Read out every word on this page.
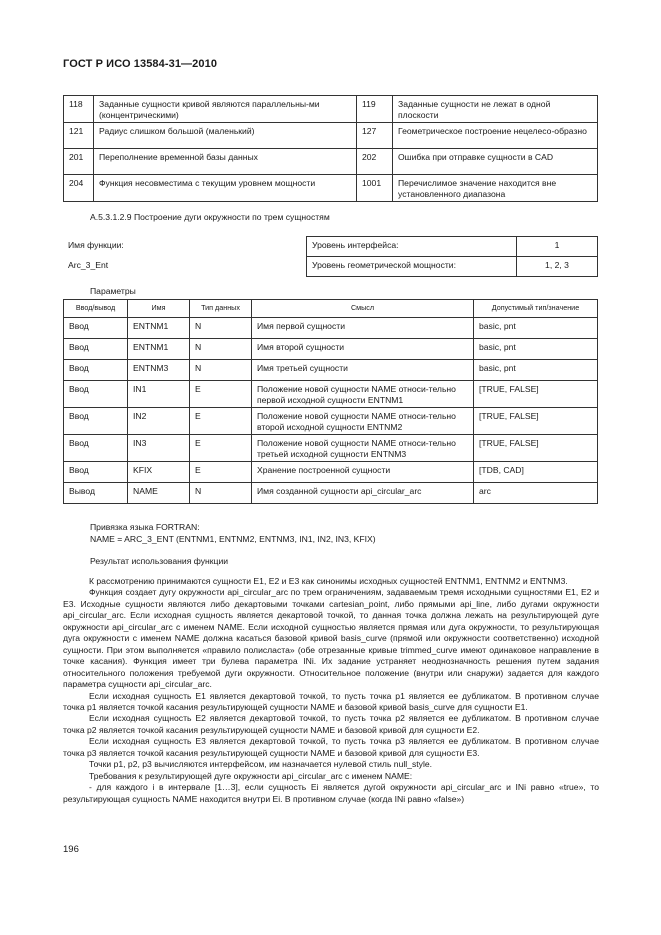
ГОСТ Р ИСО 13584-31—2010
118	Заданные сущности кривой являются параллельны-ми (концентрическими)	119	Заданные сущности не лежат в одной плоскости
121	Радиус слишком большой (маленький)	127	Геометрическое построение нецелесо-образно
201	Переполнение временной базы данных	202	Ошибка при отправке сущности в CAD
204	Функция несовместима с текущим уровнем мощности	1001	Перечислимое значение находится вне установленного диапазона
А.5.3.1.2.9 Построение дуги окружности по трем сущностям
Имя функции:
Arc_3_Ent
Уровень интерфейса:	1
Уровень геометрической мощности:	1, 2, 3
Параметры
Ввод/вывод	Имя	Тип данных	Смысл	Допустимый тип/значение
Ввод	ENTNM1	N	Имя первой сущности	basic, pnt
Ввод	ENTNM1	N	Имя второй сущности	basic, pnt
Ввод	ENTNM3	N	Имя третьей сущности	basic, pnt
Ввод	IN1	E	Положение новой сущности NAME относи-тельно первой исходной сущности ENTNM1	[TRUE, FALSE]
Ввод	IN2	E	Положение новой сущности NAME относи-тельно второй исходной сущности ENTNM2	[TRUE, FALSE]
Ввод	IN3	E	Положение новой сущности NAME относи-тельно третьей исходной сущности ENTNM3	[TRUE, FALSE]
Ввод	KFIX	E	Хранение построенной сущности	[TDB, CAD]
Вывод	NAME	N	Имя созданной сущности api_circular_arc	arc
Привязка языка FORTRAN:
NAME = ARC_3_ENT (ENTNM1, ENTNM2, ENTNM3, IN1, IN2, IN3, KFIX)
Результат использования функции

К рассмотрению принимаются сущности E1, E2 и E3 как синонимы исходных сущностей ENTNM1, ENTNM2 и ENTNM3.

Функция создает дугу окружности api_circular_arc по трем ограничениям, задаваемым тремя исходными сущностями E1, E2 и E3. Исходные сущности являются либо декартовыми точками cartesian_point, либо прямыми api_line, либо дугами окружности api_circular_arc. Если исходная сущность является декартовой точкой, то данная точка должна лежать на результирующей дуге окружности api_circular_arc с именем NAME. Если исходной сущностью является прямая или дуга окружности, то результирующая дуга окружности с именем NAME должна касаться базовой кривой basis_curve (прямой или окружности соответственно) исходной сущности. При этом выполняется «правило полисласта» (обе отрезанные кривые trimmed_curve имеют одинаковое направление в точке касания). Функция имеет три булева параметра INi. Их задание устраняет неоднозначность решения путем задания относительного положения требуемой дуги окружности. Относительное положение (внутри или снаружи) задается для каждого параметра сущности api_circular_arc.

Если исходная сущность E1 является декартовой точкой, то пусть точка p1 является ее дубликатом. В противном случае точка p1 является точкой касания результирующей сущности NAME и базовой кривой basis_curve для сущности E1.

Если исходная сущность E2 является декартовой точкой, то пусть точка p2 является ее дубликатом. В противном случае точка p2 является точкой касания результирующей сущности NAME и базовой кривой для сущности E2.

Если исходная сущность E3 является декартовой точкой, то пусть точка p3 является ее дубликатом. В противном случае точка p3 является точкой касания результирующей сущности NAME и базовой кривой для сущности E3.

Точки p1, p2, p3 вычисляются интерфейсом, им назначается нулевой стиль null_style.

Требования к результирующей дуге окружности api_circular_arc с именем NAME:

- для каждого i в интервале [1…3], если сущность Ei является дугой окружности api_circular_arc и INi равно «true», то результирующая сущность NAME находится внутри Ei. В противном случае (когда INi равно «false»)

196
